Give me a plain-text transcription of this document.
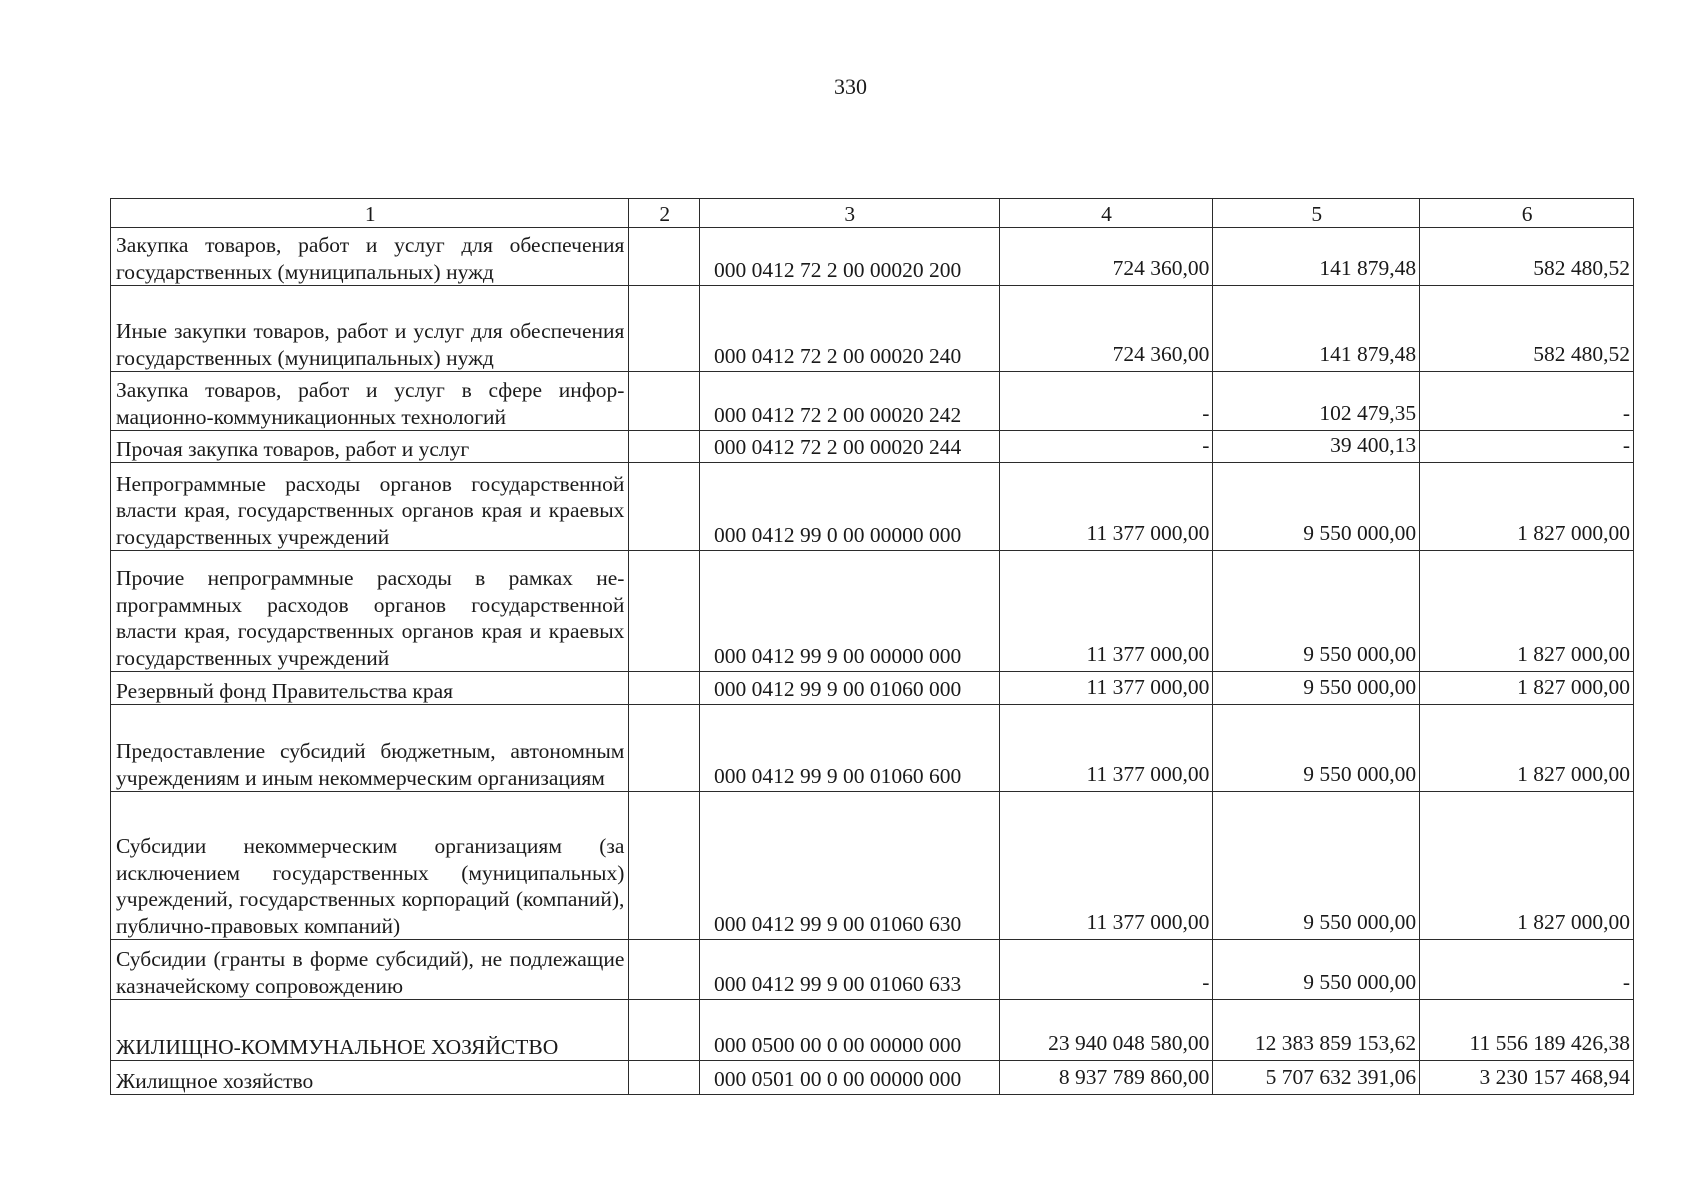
330
1	2	3	4	5	6
Закупка товаров, работ и услуг для обеспечения государственных (муниципальных) нужд		000 0412 72 2 00 00020 200	724 360,00	141 879,48	582 480,52
Иные закупки товаров, работ и услуг для обеспечения государственных (муниципальных) нужд		000 0412 72 2 00 00020 240	724 360,00	141 879,48	582 480,52
Закупка товаров, работ и услуг в сфере информационно-коммуникационных технологий		000 0412 72 2 00 00020 242	-	102 479,35	-
Прочая закупка товаров, работ и услуг		000 0412 72 2 00 00020 244	-	39 400,13	-
Непрограммные расходы органов государственной власти края, государственных органов края и краевых государственных учреждений		000 0412 99 0 00 00000 000	11 377 000,00	9 550 000,00	1 827 000,00
Прочие непрограммные расходы в рамках непрограммных расходов органов государственной власти края, государственных органов края и краевых государственных учреждений		000 0412 99 9 00 00000 000	11 377 000,00	9 550 000,00	1 827 000,00
Резервный фонд Правительства края		000 0412 99 9 00 01060 000	11 377 000,00	9 550 000,00	1 827 000,00
Предоставление субсидий бюджетным, автономным учреждениям и иным некоммерческим организациям		000 0412 99 9 00 01060 600	11 377 000,00	9 550 000,00	1 827 000,00
Субсидии некоммерческим организациям (за исключением государственных (муниципальных) учреждений, государственных корпораций (компаний), публично-правовых компаний)		000 0412 99 9 00 01060 630	11 377 000,00	9 550 000,00	1 827 000,00
Субсидии (гранты в форме субсидий), не подлежащие казначейскому сопровождению		000 0412 99 9 00 01060 633	-	9 550 000,00	-
ЖИЛИЩНО-КОММУНАЛЬНОЕ ХОЗЯЙСТВО		000 0500 00 0 00 00000 000	23 940 048 580,00	12 383 859 153,62	11 556 189 426,38
Жилищное хозяйство		000 0501 00 0 00 00000 000	8 937 789 860,00	5 707 632 391,06	3 230 157 468,94
